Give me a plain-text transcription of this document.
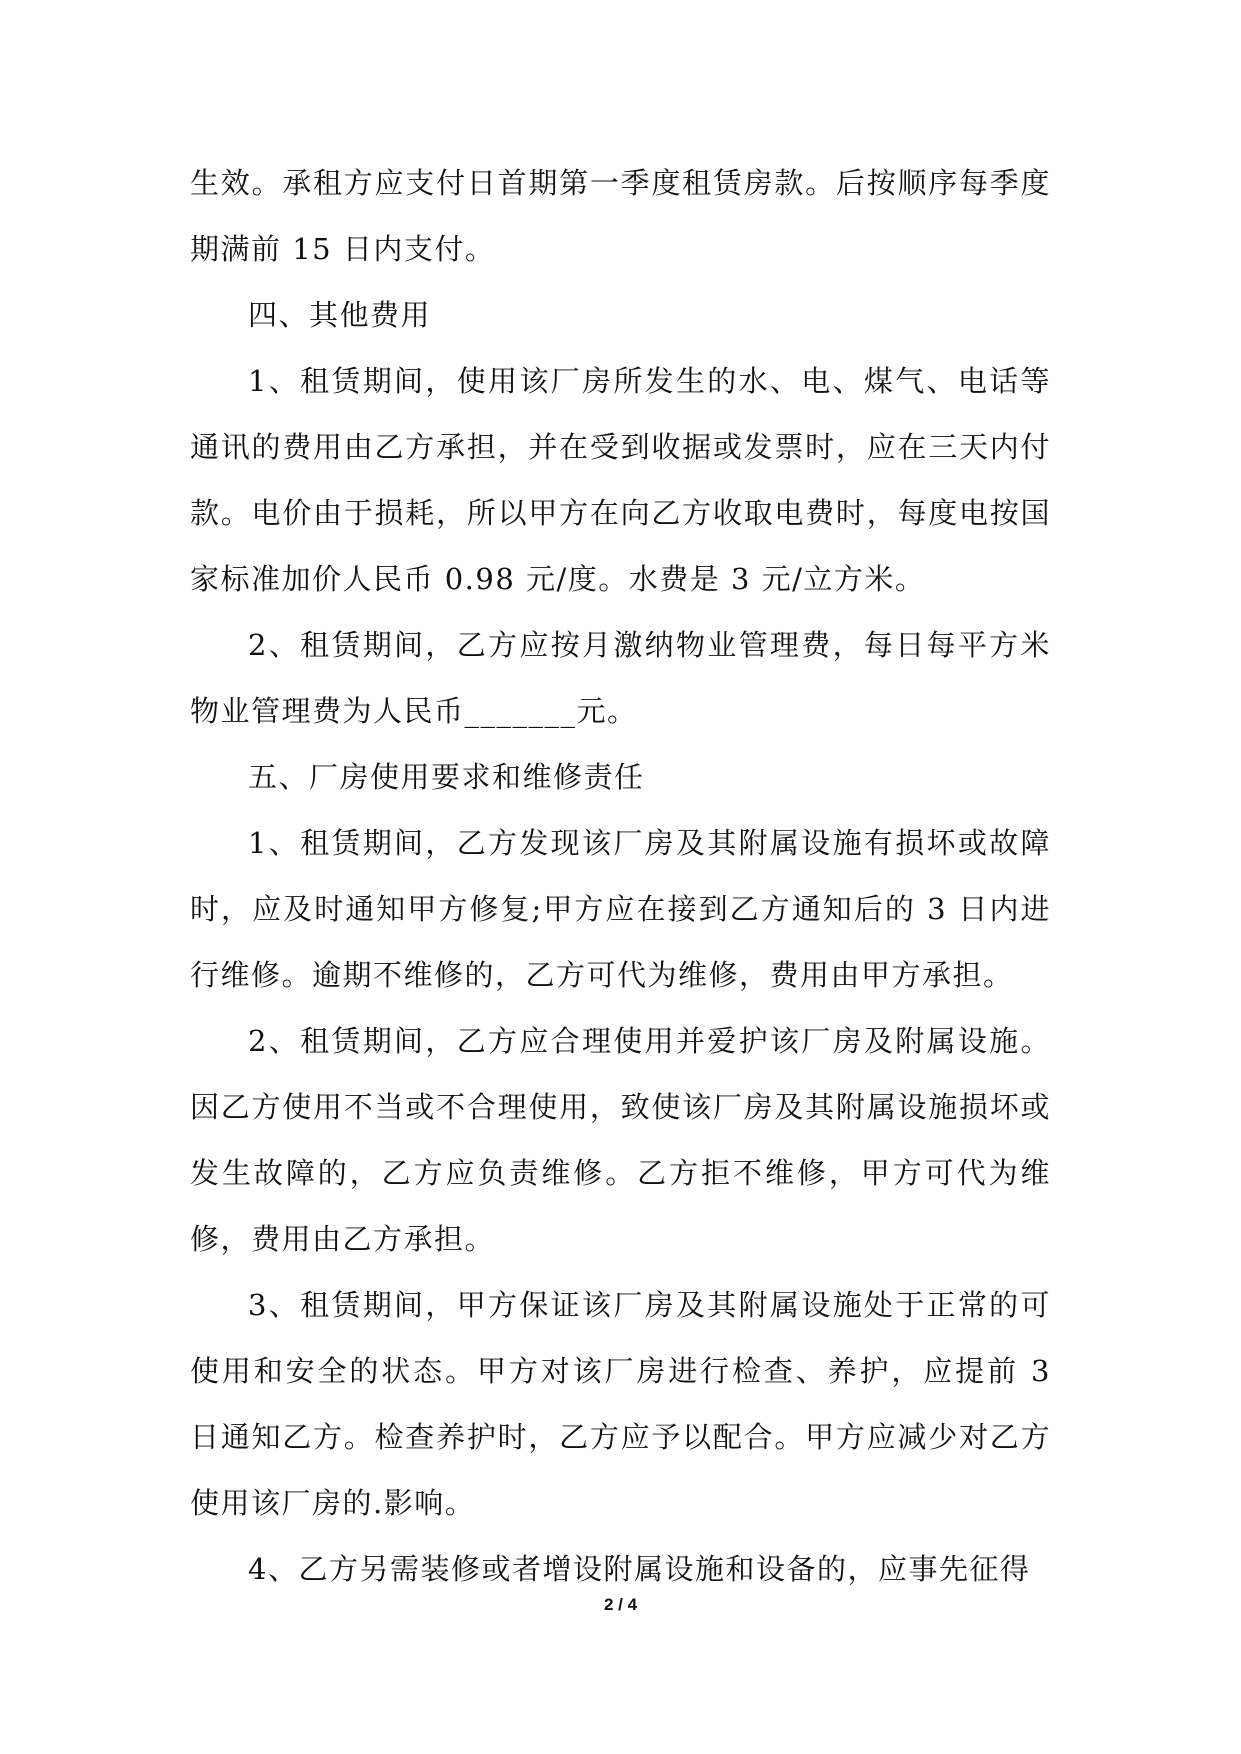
生效。承租方应支付日首期第一季度租赁房款。后按顺序每季度期满前 15 日内支付。

四、其他费用

1、租赁期间，使用该厂房所发生的水、电、煤气、电话等通讯的费用由乙方承担，并在受到收据或发票时，应在三天内付款。电价由于损耗，所以甲方在向乙方收取电费时，每度电按国家标准加价人民币 0.98 元/度。水费是 3 元/立方米。

2、租赁期间，乙方应按月激纳物业管理费，每日每平方米物业管理费为人民币_______元。

五、厂房使用要求和维修责任

1、租赁期间，乙方发现该厂房及其附属设施有损坏或故障时，应及时通知甲方修复;甲方应在接到乙方通知后的 3 日内进行维修。逾期不维修的，乙方可代为维修，费用由甲方承担。

2、租赁期间，乙方应合理使用并爱护该厂房及附属设施。因乙方使用不当或不合理使用，致使该厂房及其附属设施损坏或发生故障的，乙方应负责维修。乙方拒不维修，甲方可代为维修，费用由乙方承担。

3、租赁期间，甲方保证该厂房及其附属设施处于正常的可使用和安全的状态。甲方对该厂房进行检查、养护，应提前 3 日通知乙方。检查养护时，乙方应予以配合。甲方应减少对乙方使用该厂房的.影响。

4、乙方另需装修或者增设附属设施和设备的，应事先征得

2 / 4
